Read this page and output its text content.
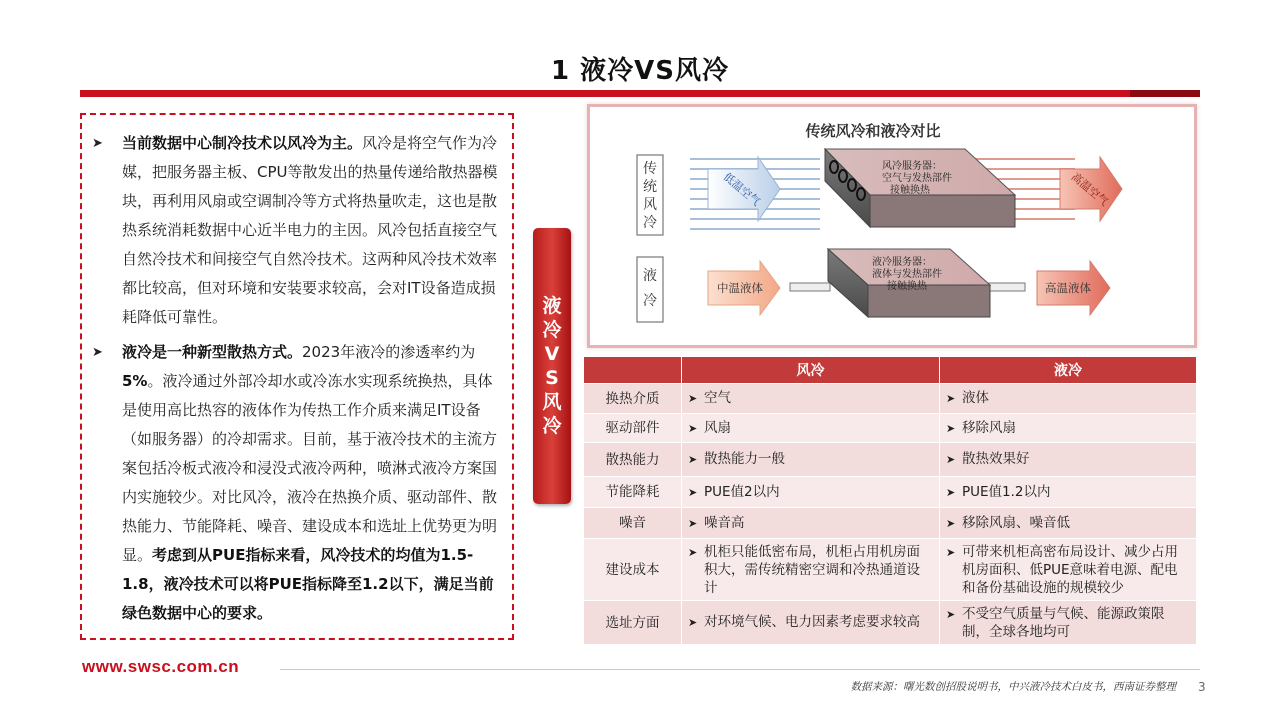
1 液冷VS风冷
➤ 当前数据中心制冷技术以风冷为主。风冷是将空气作为冷媒，把服务器主板、CPU等散发出的热量传递给散热器模块，再利用风扇或空调制冷等方式将热量吹走，这也是散热系统消耗数据中心近半电力的主因。风冷包括直接空气自然冷技术和间接空气自然冷技术。这两种风冷技术效率都比较高，但对环境和安装要求较高，会对IT设备造成损耗降低可靠性。
➤ 液冷是一种新型散热方式。2023年液冷的渗透率约为5%。液冷通过外部冷却水或冷冻水实现系统换热，具体是使用高比热容的液体作为传热工作介质来满足IT设备（如服务器）的冷却需求。目前，基于液冷技术的主流方案包括冷板式液冷和浸没式液冷两种，喷淋式液冷方案国内实施较少。对比风冷，液冷在热换介质、驱动部件、散热能力、节能降耗、噪音、建设成本和选址上优势更为明显。考虑到从PUE指标来看，风冷技术的均值为1.5-1.8，液冷技术可以将PUE指标降至1.2以下，满足当前绿色数据中心的要求。
液
冷
V
S
风
冷
传统风冷和液冷对比
传
统
风
冷
液
冷
低温空气
风冷服务器：
空气与发热部件
接触换热	高温空气
中温液体
液冷服务器：
液体与发热部件
接触换热	高温液体
	风冷	液冷
换热介质	➤ 空气	➤ 液体

驱动部件	➤ 风扇	➤ 移除风扇

散热能力	➤ 散热能力一般	➤ 散热效果好

节能降耗	➤ PUE值2以内	➤ PUE值1.2以内

噪音	➤ 噪音高	➤ 移除风扇、噪音低

建设成本	➤ 机柜只能低密布局，机柜占用机房面积大，需传统精密空调和冷热通道设计	➤ 可带来机柜高密布局设计、减少占用机房面积、低PUE意味着电源、配电和备份基础设施的规模较少

选址方面	➤ 对环境气候、电力因素考虑要求较高	➤ 不受空气质量与气候、能源政策限制，全球各地均可
www.swsc.com.cn
数据来源：曙光数创招股说明书，中兴液冷技术白皮书，西南证券整理 3
